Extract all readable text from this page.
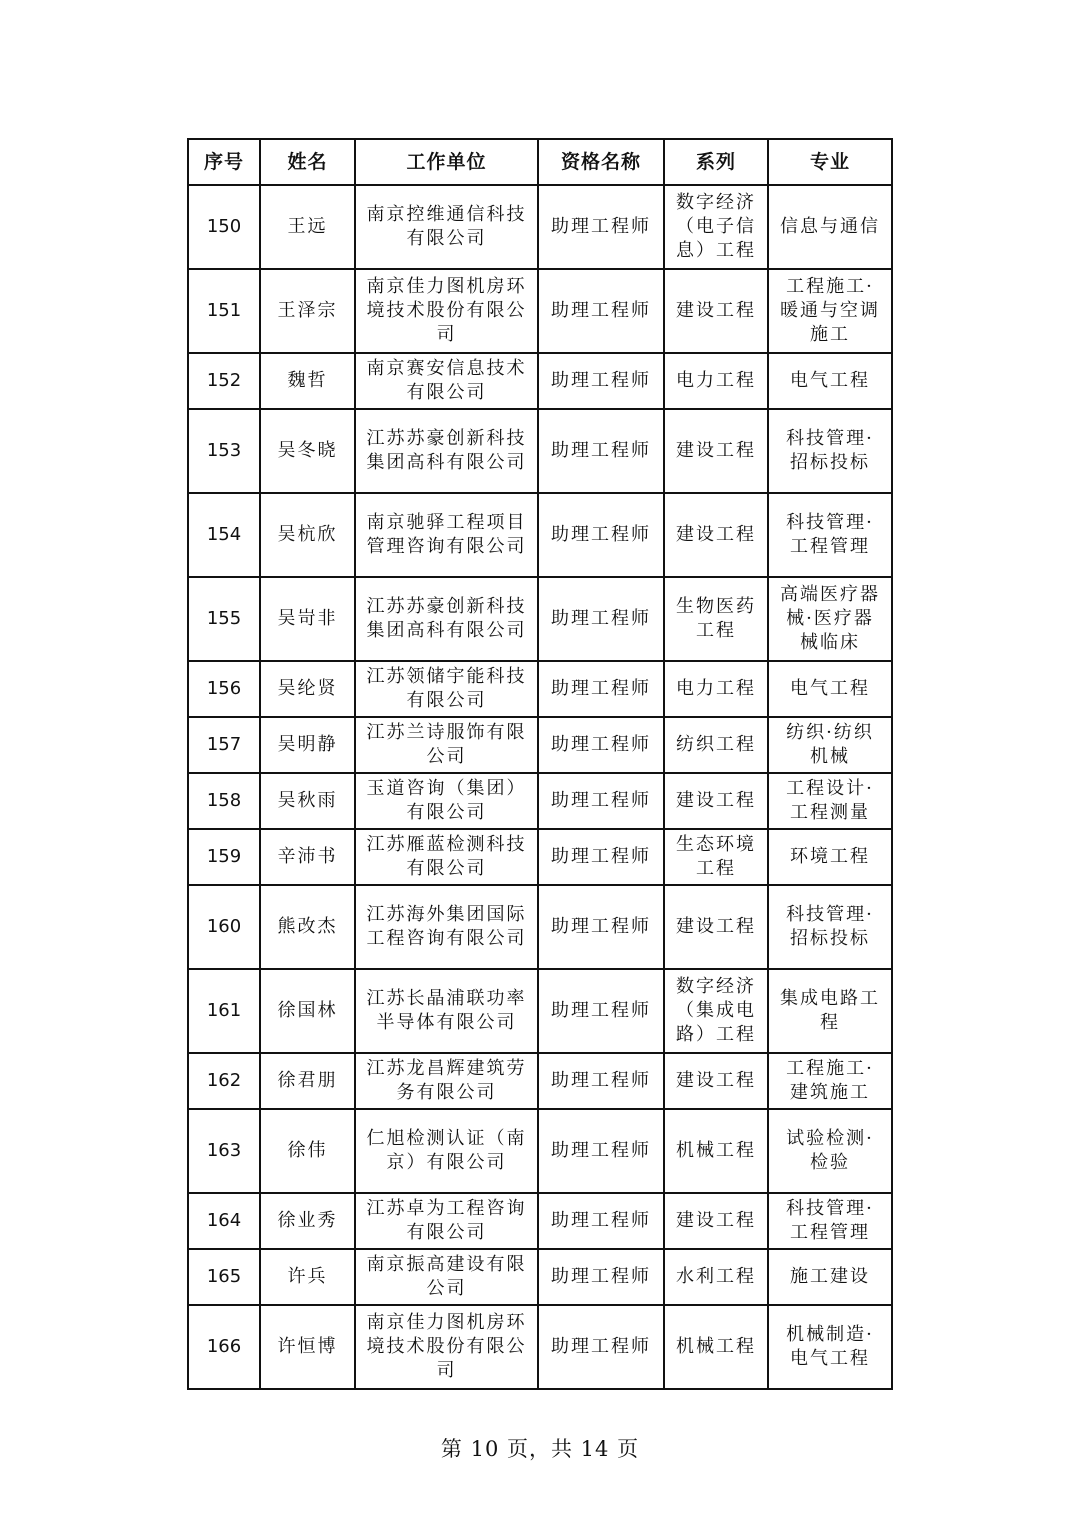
序号	姓名	工作单位	资格名称	系列	专业
150	王远	南京控维通信科技有限公司	助理工程师	数字经济（电子信息）工程	信息与通信
151	王泽宗	南京佳力图机房环境技术股份有限公司	助理工程师	建设工程	工程施工·暖通与空调施工
152	魏哲	南京赛安信息技术有限公司	助理工程师	电力工程	电气工程
153	吴冬晓	江苏苏豪创新科技集团高科有限公司	助理工程师	建设工程	科技管理·招标投标
154	吴杭欣	南京驰驿工程项目管理咨询有限公司	助理工程师	建设工程	科技管理·工程管理
155	吴岢非	江苏苏豪创新科技集团高科有限公司	助理工程师	生物医药工程	高端医疗器械·医疗器械临床
156	吴纶贤	江苏领储宇能科技有限公司	助理工程师	电力工程	电气工程
157	吴明静	江苏兰诗服饰有限公司	助理工程师	纺织工程	纺织·纺织机械
158	吴秋雨	玉道咨询（集团）有限公司	助理工程师	建设工程	工程设计·工程测量
159	辛沛书	江苏雁蓝检测科技有限公司	助理工程师	生态环境工程	环境工程
160	熊改杰	江苏海外集团国际工程咨询有限公司	助理工程师	建设工程	科技管理·招标投标
161	徐国林	江苏长晶浦联功率半导体有限公司	助理工程师	数字经济（集成电路）工程	集成电路工程
162	徐君朋	江苏龙昌辉建筑劳务有限公司	助理工程师	建设工程	工程施工·建筑施工
163	徐伟	仁旭检测认证（南京）有限公司	助理工程师	机械工程	试验检测·检验
164	徐业秀	江苏卓为工程咨询有限公司	助理工程师	建设工程	科技管理·工程管理
165	许兵	南京振高建设有限公司	助理工程师	水利工程	施工建设
166	许恒博	南京佳力图机房环境技术股份有限公司	助理工程师	机械工程	机械制造·电气工程
第 10 页，共 14 页
